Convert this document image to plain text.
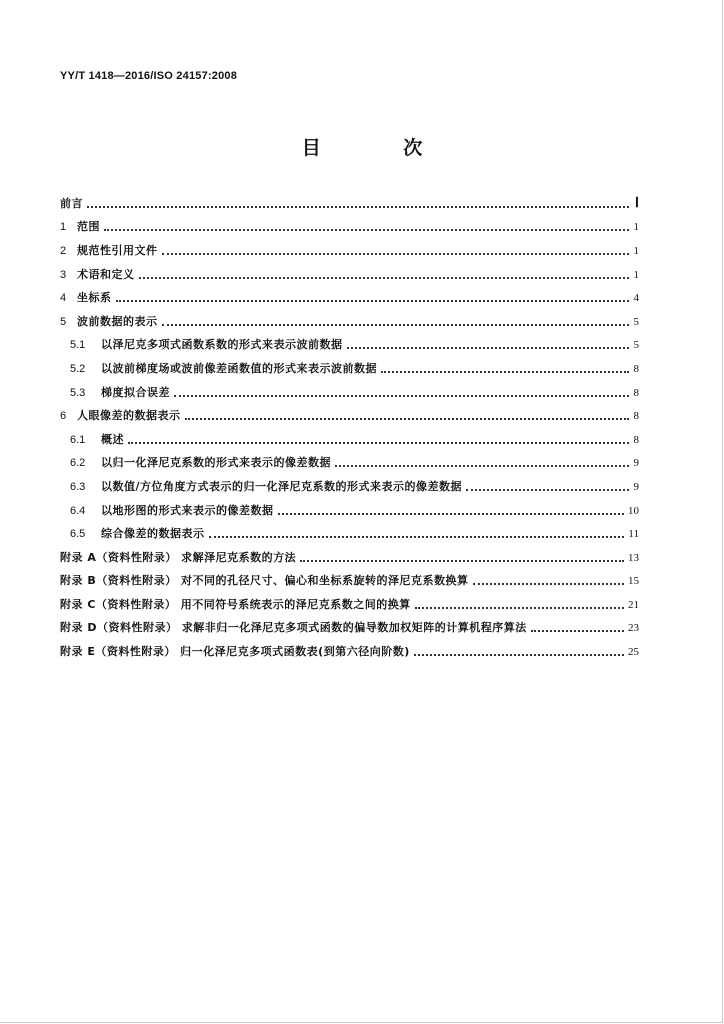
YY/T 1418—2016/ISO 24157:2008
目 次
前言	Ⅰ
1 范围	1
2 规范性引用文件	1
3 术语和定义	1
4 坐标系	4
5 波前数据的表示	5
5.1	以泽尼克多项式函数系数的形式来表示波前数据	5
5.2	以波前梯度场或波前像差函数值的形式来表示波前数据	8
5.3	梯度拟合误差	8
6 人眼像差的数据表示	8
6.1	概述	8
6.2	以归一化泽尼克系数的形式来表示的像差数据	9
6.3	以数值/方位角度方式表示的归一化泽尼克系数的形式来表示的像差数据	9
6.4	以地形图的形式来表示的像差数据	10
6.5	综合像差的数据表示	11
附录 A（资料性附录） 求解泽尼克系数的方法	13
附录 B（资料性附录） 对不同的孔径尺寸、偏心和坐标系旋转的泽尼克系数换算	15
附录 C（资料性附录） 用不同符号系统表示的泽尼克系数之间的换算	21
附录 D（资料性附录） 求解非归一化泽尼克多项式函数的偏导数加权矩阵的计算机程序算法	23
附录 E（资料性附录） 归一化泽尼克多项式函数表(到第六径向阶数)	25
